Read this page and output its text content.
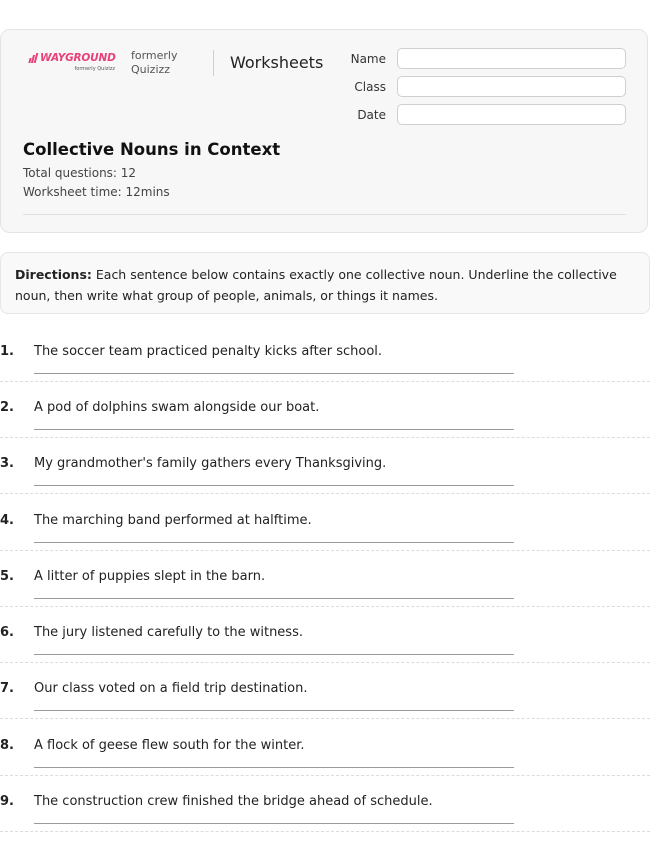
WAYGROUND
formerly Quizizz
formerly
Quizizz	Worksheets	Name
Class
Date
Collective Nouns in Context
Total questions: 12
Worksheet time: 12mins
Directions: Each sentence below contains exactly one collective noun. Underline the collective noun, then write what group of people, animals, or things it names.
1. The soccer team practiced penalty kicks after school.
2. A pod of dolphins swam alongside our boat.
3. My grandmother's family gathers every Thanksgiving.
4. The marching band performed at halftime.
5. A litter of puppies slept in the barn.
6. The jury listened carefully to the witness.
7. Our class voted on a field trip destination.
8. A flock of geese flew south for the winter.
9. The construction crew finished the bridge ahead of schedule.
